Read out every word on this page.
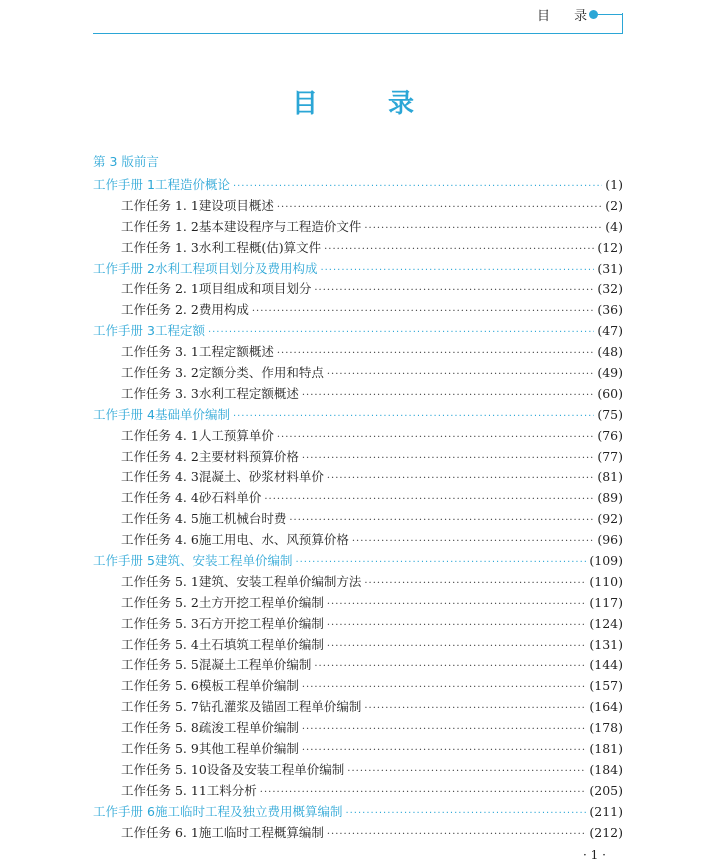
目 录
目　录
第 3 版前言
工作手册 1 工程造价概论 ·····	(1)
工作任务 1. 1 建设项目概述 ·····	(2)
工作任务 1. 2 基本建设程序与工程造价文件 ·····	(4)
工作任务 1. 3 水利工程概(估)算文件 ·····	(12)
工作手册 2 水利工程项目划分及费用构成 ·····	(31)
工作任务 2. 1 项目组成和项目划分 ·····	(32)
工作任务 2. 2 费用构成 ·····	(36)
工作手册 3 工程定额 ·····	(47)
工作任务 3. 1 工程定额概述 ·····	(48)
工作任务 3. 2 定额分类、作用和特点 ·····	(49)
工作任务 3. 3 水利工程定额概述 ·····	(60)
工作手册 4 基础单价编制 ·····	(75)
工作任务 4. 1 人工预算单价 ·····	(76)
工作任务 4. 2 主要材料预算价格 ·····	(77)
工作任务 4. 3 混凝土、砂浆材料单价 ·····	(81)
工作任务 4. 4 砂石料单价 ·····	(89)
工作任务 4. 5 施工机械台时费 ·····	(92)
工作任务 4. 6 施工用电、水、风预算价格 ·····	(96)
工作手册 5 建筑、安装工程单价编制 ·····	(109)
工作任务 5. 1 建筑、安装工程单价编制方法 ·····	(110)
工作任务 5. 2 土方开挖工程单价编制 ·····	(117)
工作任务 5. 3 石方开挖工程单价编制 ·····	(124)
工作任务 5. 4 土石填筑工程单价编制 ·····	(131)
工作任务 5. 5 混凝土工程单价编制 ·····	(144)
工作任务 5. 6 模板工程单价编制 ·····	(157)
工作任务 5. 7 钻孔灌浆及锚固工程单价编制 ·····	(164)
工作任务 5. 8 疏浚工程单价编制 ·····	(178)
工作任务 5. 9 其他工程单价编制 ·····	(181)
工作任务 5. 10 设备及安装工程单价编制 ·····	(184)
工作任务 5. 11 工料分析 ·····	(205)
工作手册 6 施工临时工程及独立费用概算编制 ·····	(211)
工作任务 6. 1 施工临时工程概算编制 ·····	(212)
· 1 ·
